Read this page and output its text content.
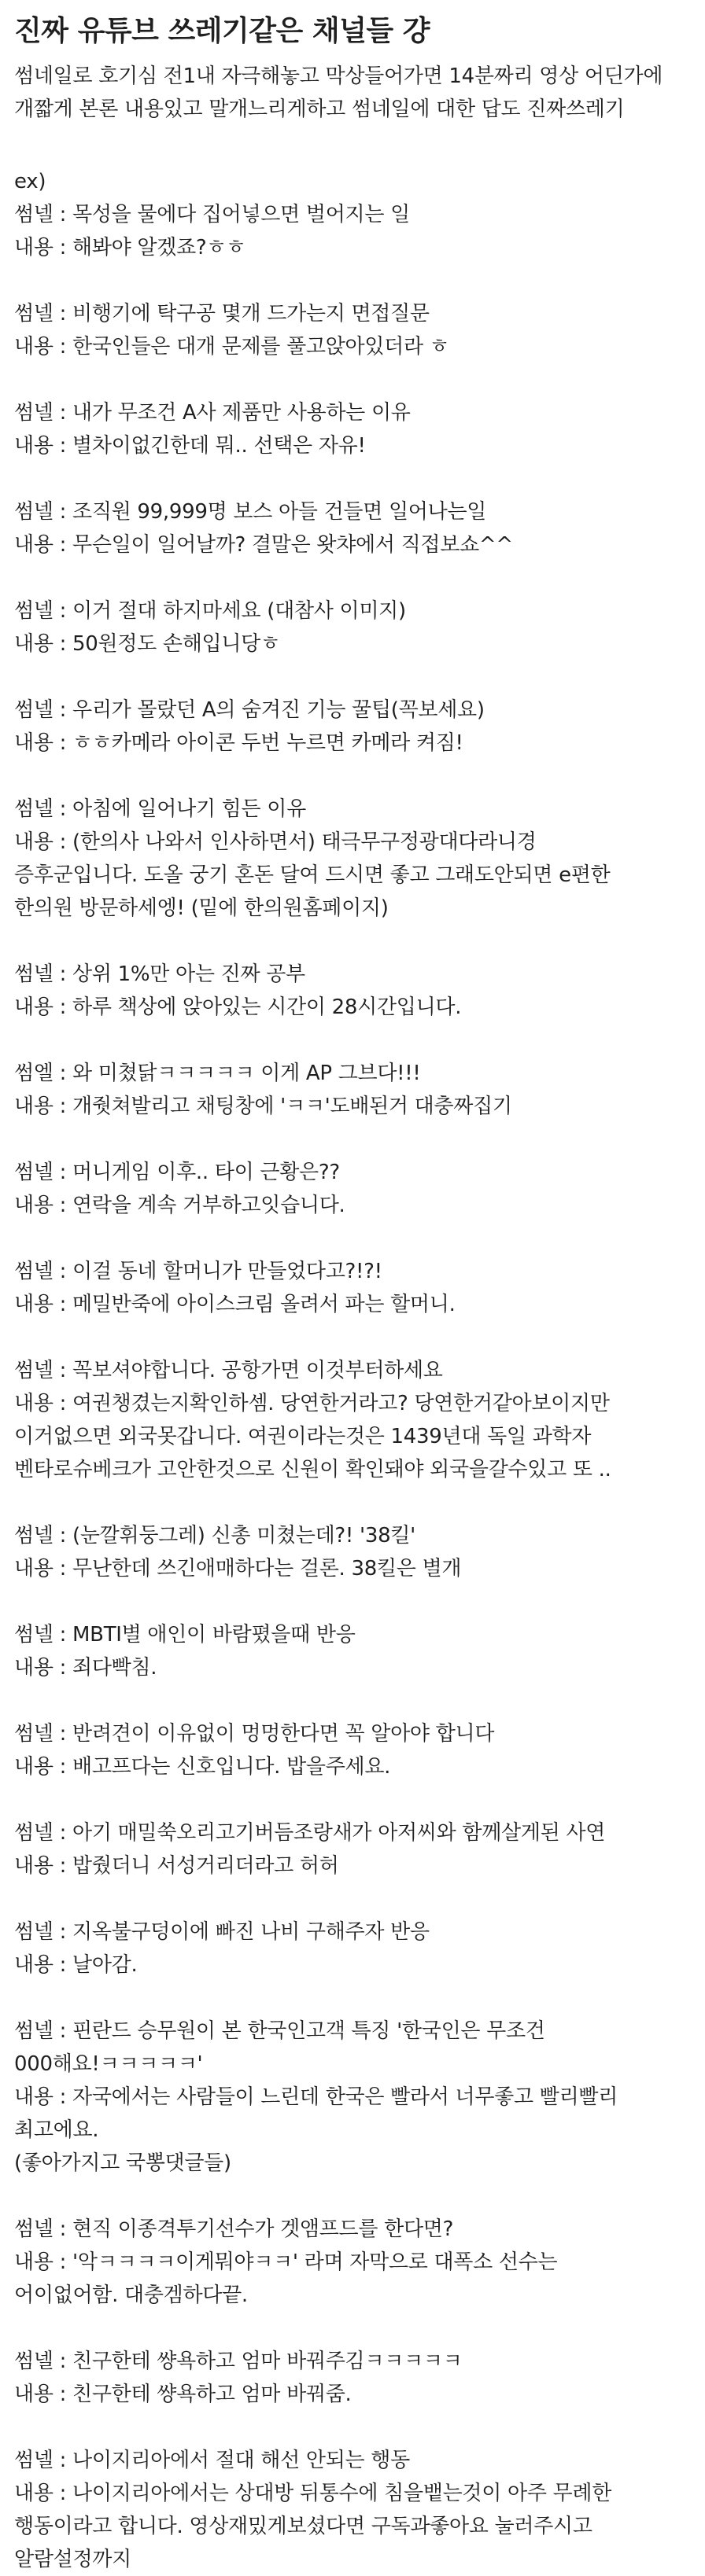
진짜 유튜브 쓰레기같은 채널들 걍
썸네일로 호기심 전1내 자극해놓고 막상들어가면 14분짜리 영상 어딘가에
개짧게 본론 내용있고 말개느리게하고 썸네일에 대한 답도 진짜쓰레기
ex)
썸넬 : 목성을 물에다 집어넣으면 벌어지는 일
내용 : 해봐야 알겠죠?ㅎㅎ
썸넬 : 비행기에 탁구공 몇개 드가는지 면접질문
내용 : 한국인들은 대개 문제를 풀고앉아있더라 ㅎ
썸넬 : 내가 무조건 A사 제품만 사용하는 이유
내용 : 별차이없긴한데 뭐.. 선택은 자유!
썸넬 : 조직원 99,999명 보스 아들 건들면 일어나는일
내용 : 무슨일이 일어날까? 결말은 왓챠에서 직접보쇼^^
썸넬 : 이거 절대 하지마세요 (대참사 이미지)
내용 : 50원정도 손해입니당ㅎ
썸넬 : 우리가 몰랐던 A의 숨겨진 기능 꿀팁(꼭보세요)
내용 : ㅎㅎ카메라 아이콘 두번 누르면 카메라 켜짐!
썸넬 : 아침에 일어나기 힘든 이유
내용 : (한의사 나와서 인사하면서) 태극무구정광대다라니경
증후군입니다. 도올 궁기 혼돈 달여 드시면 좋고 그래도안되면 e편한
한의원 방문하세엥! (밑에 한의원홈페이지)
썸넬 : 상위 1%만 아는 진짜 공부
내용 : 하루 책상에 앉아있는 시간이 28시간입니다.
썸엘 : 와 미쳤닭ㅋㅋㅋㅋㅋ 이게 AP 그브다!!!
내용 : 개줫쳐발리고 채팅창에 'ㅋㅋ'도배된거 대충짜집기
썸넬 : 머니게임 이후.. 타이 근황은??
내용 : 연락을 계속 거부하고잇습니다.
썸넬 : 이걸 동네 할머니가 만들었다고?!?!
내용 : 메밀반죽에 아이스크림 올려서 파는 할머니.
썸넬 : 꼭보셔야합니다. 공항가면 이것부터하세요
내용 : 여권챙겼는지확인하셈. 당연한거라고? 당연한거같아보이지만
이거없으면 외국못갑니다. 여권이라는것은 1439년대 독일 과학자
벤타로슈베크가 고안한것으로 신원이 확인돼야 외국을갈수있고 또 ..
썸넬 : (눈깔휘둥그레) 신총 미쳤는데?! '38킬'
내용 : 무난한데 쓰긴애매하다는 걸론. 38킬은 별개
썸넬 : MBTI별 애인이 바람폈을때 반응
내용 : 죄다빡침.
썸넬 : 반려견이 이유없이 멍멍한다면 꼭 알아야 합니다
내용 : 배고프다는 신호입니다. 밥을주세요.
썸넬 : 아기 매밀쑥오리고기버듬조랑새가 아저씨와 함께살게된 사연
내용 : 밥줬더니 서성거리더라고 허허
썸넬 : 지옥불구덩이에 빠진 나비 구해주자 반응
내용 : 날아감.
썸넬 : 핀란드 승무원이 본 한국인고객 특징 '한국인은 무조건
000해요!ㅋㅋㅋㅋㅋ'
내용 : 자국에서는 사람들이 느린데 한국은 빨라서 너무좋고 빨리빨리
최고에요.
(좋아가지고 국뽕댓글들)
썸넬 : 현직 이종격투기선수가 겟앰프드를 한다면?
내용 : '악ㅋㅋㅋㅋ이게뭐야ㅋㅋ' 라며 자막으로 대폭소 선수는
어이없어함. 대충겜하다끝.
썸넬 : 친구한테 썅욕하고 엄마 바꿔주김ㅋㅋㅋㅋㅋ
내용 : 친구한테 썅욕하고 엄마 바꿔줌.
썸넬 : 나이지리아에서 절대 해선 안되는 행동
내용 : 나이지리아에서는 상대방 뒤통수에 침을뱉는것이 아주 무례한
행동이라고 합니다. 영상재밌게보셨다면 구독과좋아요 눌러주시고
알람설정까지
